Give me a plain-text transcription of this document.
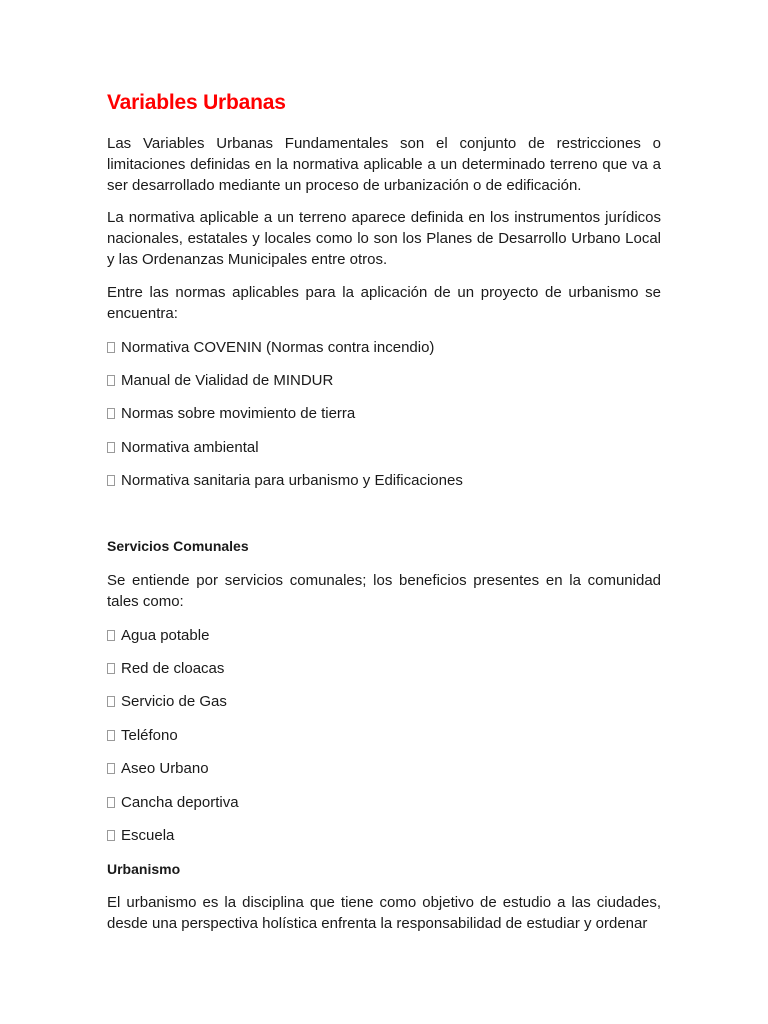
Variables Urbanas

Las Variables Urbanas Fundamentales son el conjunto de restricciones o limitaciones definidas en la normativa aplicable a un determinado terreno que va a ser desarrollado mediante un proceso de urbanización o de edificación.

La normativa aplicable a un terreno aparece definida en los instrumentos jurídicos nacionales, estatales y locales como lo son los Planes de Desarrollo Urbano Local y las Ordenanzas Municipales entre otros.

Entre las normas aplicables para la aplicación de un proyecto de urbanismo se encuentra:

Normativa COVENIN (Normas contra incendio)
Manual de Vialidad de MINDUR
Normas sobre movimiento de tierra
Normativa ambiental
Normativa sanitaria para urbanismo y Edificaciones
Servicios Comunales

Se entiende por servicios comunales; los beneficios presentes en la comunidad tales como:

Agua potable
Red de cloacas
Servicio de Gas
Teléfono
Aseo Urbano
Cancha deportiva
Escuela
Urbanismo

El urbanismo es la disciplina que tiene como objetivo de estudio a las ciudades, desde una perspectiva holística enfrenta la responsabilidad de estudiar y ordenar
